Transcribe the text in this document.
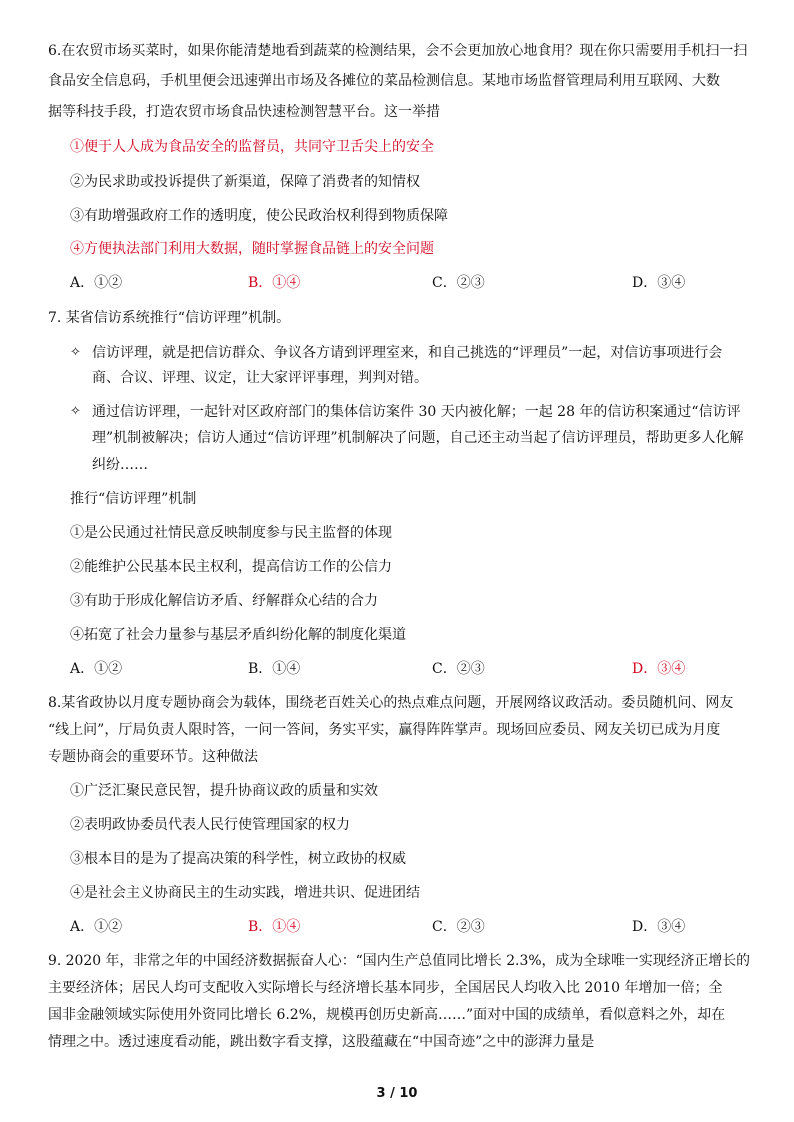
6.在农贸市场买菜时，如果你能清楚地看到蔬菜的检测结果，会不会更加放心地食用？现在你只需要用手机扫一扫
食品安全信息码，手机里便会迅速弹出市场及各摊位的菜品检测信息。某地市场监督管理局利用互联网、大数
据等科技手段，打造农贸市场食品快速检测智慧平台。这一举措
①便于人人成为食品安全的监督员，共同守卫舌尖上的安全
②为民求助或投诉提供了新渠道，保障了消费者的知情权
③有助增强政府工作的透明度，使公民政治权利得到物质保障
④方便执法部门利用大数据，随时掌握食品链上的安全问题
A．①②	B．①④	C．②③	D．③④
7. 某省信访系统推行“信访评理”机制。
✧ 信访评理，就是把信访群众、争议各方请到评理室来，和自己挑选的“评理员”一起，对信访事项进行会
商、合议、评理、议定，让大家评评事理，判判对错。
✧ 通过信访评理，一起针对区政府部门的集体信访案件 30 天内被化解；一起 28 年的信访积案通过“信访评
理”机制被解决；信访人通过“信访评理”机制解决了问题，自己还主动当起了信访评理员，帮助更多人化解
纠纷……
推行“信访评理”机制
①是公民通过社情民意反映制度参与民主监督的体现
②能维护公民基本民主权利，提高信访工作的公信力
③有助于形成化解信访矛盾、纾解群众心结的合力
④拓宽了社会力量参与基层矛盾纠纷化解的制度化渠道
A．①②	B．①④	C．②③	D．③④
8.某省政协以月度专题协商会为载体，围绕老百姓关心的热点难点问题，开展网络议政活动。委员随机问、网友
“线上问”，厅局负责人限时答，一问一答间，务实平实，赢得阵阵掌声。现场回应委员、网友关切已成为月度
专题协商会的重要环节。这种做法
①广泛汇聚民意民智，提升协商议政的质量和实效
②表明政协委员代表人民行使管理国家的权力
③根本目的是为了提高决策的科学性，树立政协的权威
④是社会主义协商民主的生动实践，增进共识、促进团结
A．①②	B．①④	C．②③	D．③④
9. 2020 年，非常之年的中国经济数据振奋人心：“国内生产总值同比增长 2.3%，成为全球唯一实现经济正增长的
主要经济体；居民人均可支配收入实际增长与经济增长基本同步，全国居民人均收入比 2010 年增加一倍；全
国非金融领域实际使用外资同比增长 6.2%，规模再创历史新高……”面对中国的成绩单，看似意料之外，却在
情理之中。透过速度看动能，跳出数字看支撑，这股蕴藏在“中国奇迹”之中的澎湃力量是
3 / 10
